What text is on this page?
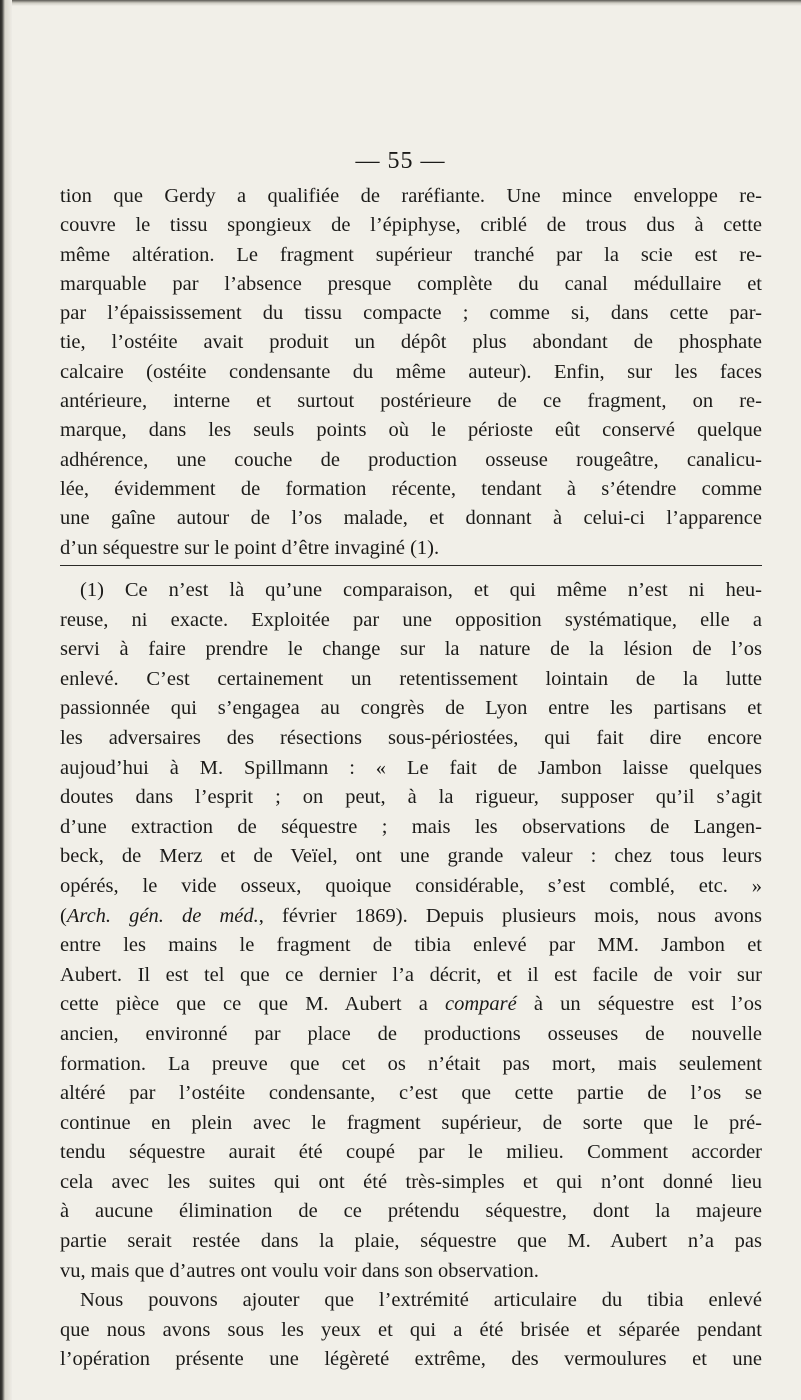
— 55 —
tion que Gerdy a qualifiée de raréfiante. Une mince enveloppe re-
couvre le tissu spongieux de l’épiphyse, criblé de trous dus à cette
même altération. Le fragment supérieur tranché par la scie est re-
marquable par l’absence presque complète du canal médullaire et
par l’épaississement du tissu compacte ; comme si, dans cette par-
tie, l’ostéite avait produit un dépôt plus abondant de phosphate
calcaire (ostéite condensante du même auteur). Enfin, sur les faces
antérieure, interne et surtout postérieure de ce fragment, on re-
marque, dans les seuls points où le périoste eût conservé quelque
adhérence, une couche de production osseuse rougeâtre, canalicu-
lée, évidemment de formation récente, tendant à s’étendre comme
une gaîne autour de l’os malade, et donnant à celui-ci l’apparence
d’un séquestre sur le point d’être invaginé (1).
(1) Ce n’est là qu’une comparaison, et qui même n’est ni heu-
reuse, ni exacte. Exploitée par une opposition systématique, elle a
servi à faire prendre le change sur la nature de la lésion de l’os
enlevé. C’est certainement un retentissement lointain de la lutte
passionnée qui s’engagea au congrès de Lyon entre les partisans et
les adversaires des résections sous-périostées, qui fait dire encore
aujoud’hui à M. Spillmann : « Le fait de Jambon laisse quelques
doutes dans l’esprit ; on peut, à la rigueur, supposer qu’il s’agit
d’une extraction de séquestre ; mais les observations de Langen-
beck, de Merz et de Veïel, ont une grande valeur : chez tous leurs
opérés, le vide osseux, quoique considérable, s’est comblé, etc. »
(Arch. gén. de méd., février 1869). Depuis plusieurs mois, nous avons
entre les mains le fragment de tibia enlevé par MM. Jambon et
Aubert. Il est tel que ce dernier l’a décrit, et il est facile de voir sur
cette pièce que ce que M. Aubert a comparé à un séquestre est l’os
ancien, environné par place de productions osseuses de nouvelle
formation. La preuve que cet os n’était pas mort, mais seulement
altéré par l’ostéite condensante, c’est que cette partie de l’os se
continue en plein avec le fragment supérieur, de sorte que le pré-
tendu séquestre aurait été coupé par le milieu. Comment accorder
cela avec les suites qui ont été très-simples et qui n’ont donné lieu
à aucune élimination de ce prétendu séquestre, dont la majeure
partie serait restée dans la plaie, séquestre que M. Aubert n’a pas
vu, mais que d’autres ont voulu voir dans son observation.
Nous pouvons ajouter que l’extrémité articulaire du tibia enlevé
que nous avons sous les yeux et qui a été brisée et séparée pendant
l’opération présente une légèreté extrême, des vermoulures et une
